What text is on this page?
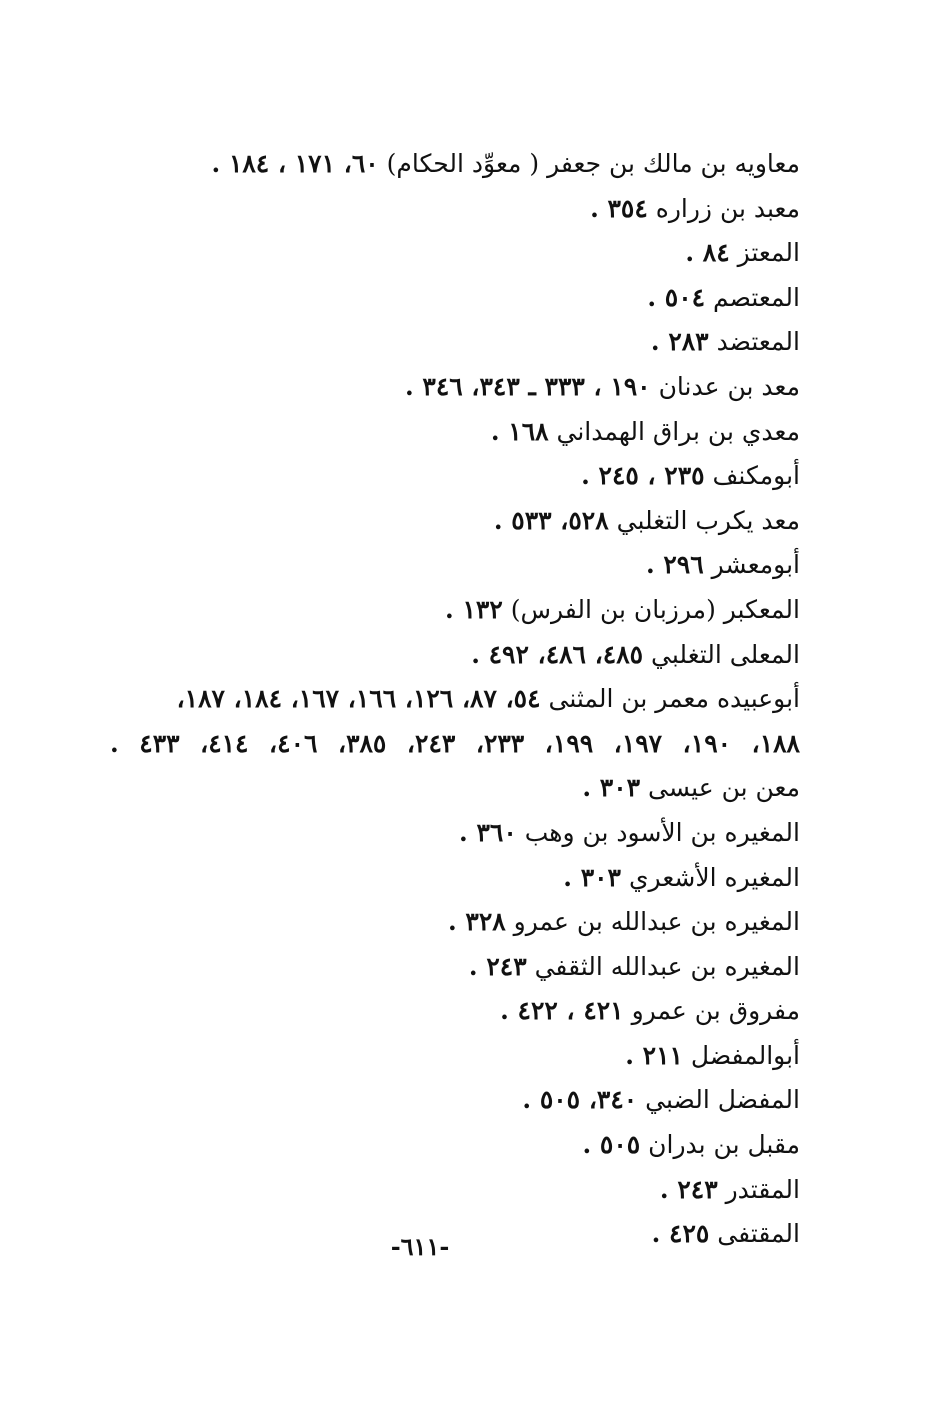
معاويه بن مالك بن جعفر ( معوِّد الحكام) ٦٠، ١٧١ ، ١٨٤ .
معبد بن زراره ٣٥٤ .
المعتز ٨٤ .
المعتصم ٥٠٤ .
المعتضد ٢٨٣ .
معد بن عدنان ١٩٠ ، ٣٣٣ ـ ٣٤٣، ٣٤٦ .
معدي بن براق الهمداني ١٦٨ .
أبومكنف ٢٣٥ ، ٢٤٥ .
معد يكرب التغلبي ٥٢٨، ٥٣٣ .
أبومعشر ٢٩٦ .
المعكبر (مرزبان بن الفرس) ١٣٢ .
المعلى التغلبي ٤٨٥، ٤٨٦، ٤٩٢ .
أبوعبيده معمر بن المثنى ٥٤، ٨٧، ١٢٦، ١٦٦، ١٦٧، ١٨٤، ١٨٧،
١٨٨، ١٩٠، ١٩٧، ١٩٩، ٢٣٣، ٢٤٣، ٣٨٥، ٤٠٦، ٤١٤، ٤٣٣ .
معن بن عيسى ٣٠٣ .
المغيره بن الأسود بن وهب ٣٦٠ .
المغيره الأشعري ٣٠٣ .
المغيره بن عبدالله بن عمرو ٣٢٨ .
المغيره بن عبدالله الثقفي ٢٤٣ .
مفروق بن عمرو ٤٢١ ، ٤٢٢ .
أبوالمفضل ٢١١ .
المفضل الضبي ٣٤٠، ٥٠٥ .
مقبل بن بدران ٥٠٥ .
المقتدر ٢٤٣ .
المقتفى ٤٢٥ .
-٦١١-
